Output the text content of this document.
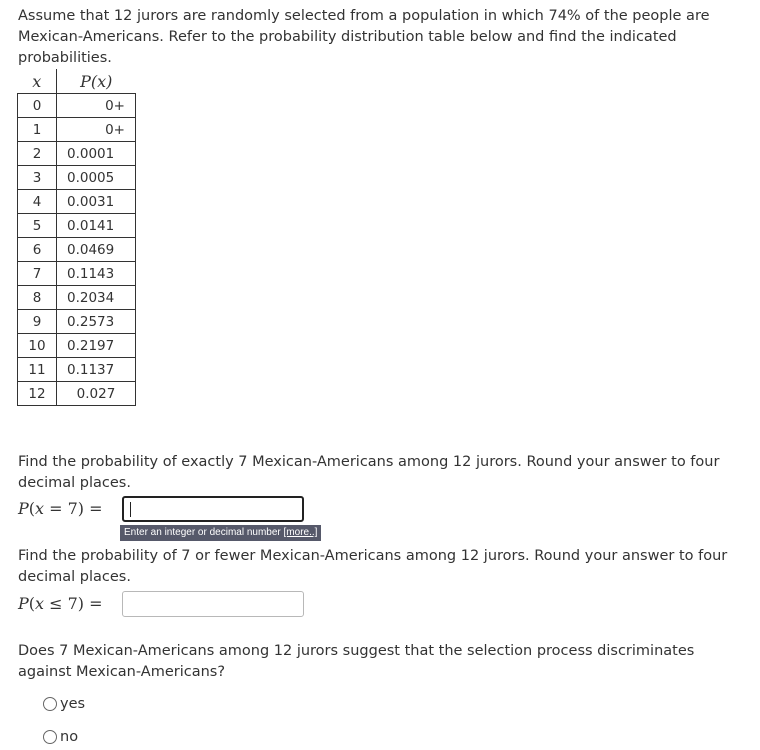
Assume that 12 jurors are randomly selected from a population in which 74% of the people are Mexican-Americans. Refer to the probability distribution table below and find the indicated probabilities.

x	P(x)
0	0+
1	0+
2	0.0001
3	0.0005
4	0.0031
5	0.0141
6	0.0469
7	0.1143
8	0.2034
9	0.2573
10	0.2197
11	0.1137
12	0.027

Find the probability of exactly 7 Mexican-Americans among 12 jurors. Round your answer to four decimal places.

P(x = 7) =
Enter an integer or decimal number [more..]

Find the probability of 7 or fewer Mexican-Americans among 12 jurors. Round your answer to four decimal places.

P(x ≤ 7) =

Does 7 Mexican-Americans among 12 jurors suggest that the selection process discriminates against Mexican-Americans?

yes
no
